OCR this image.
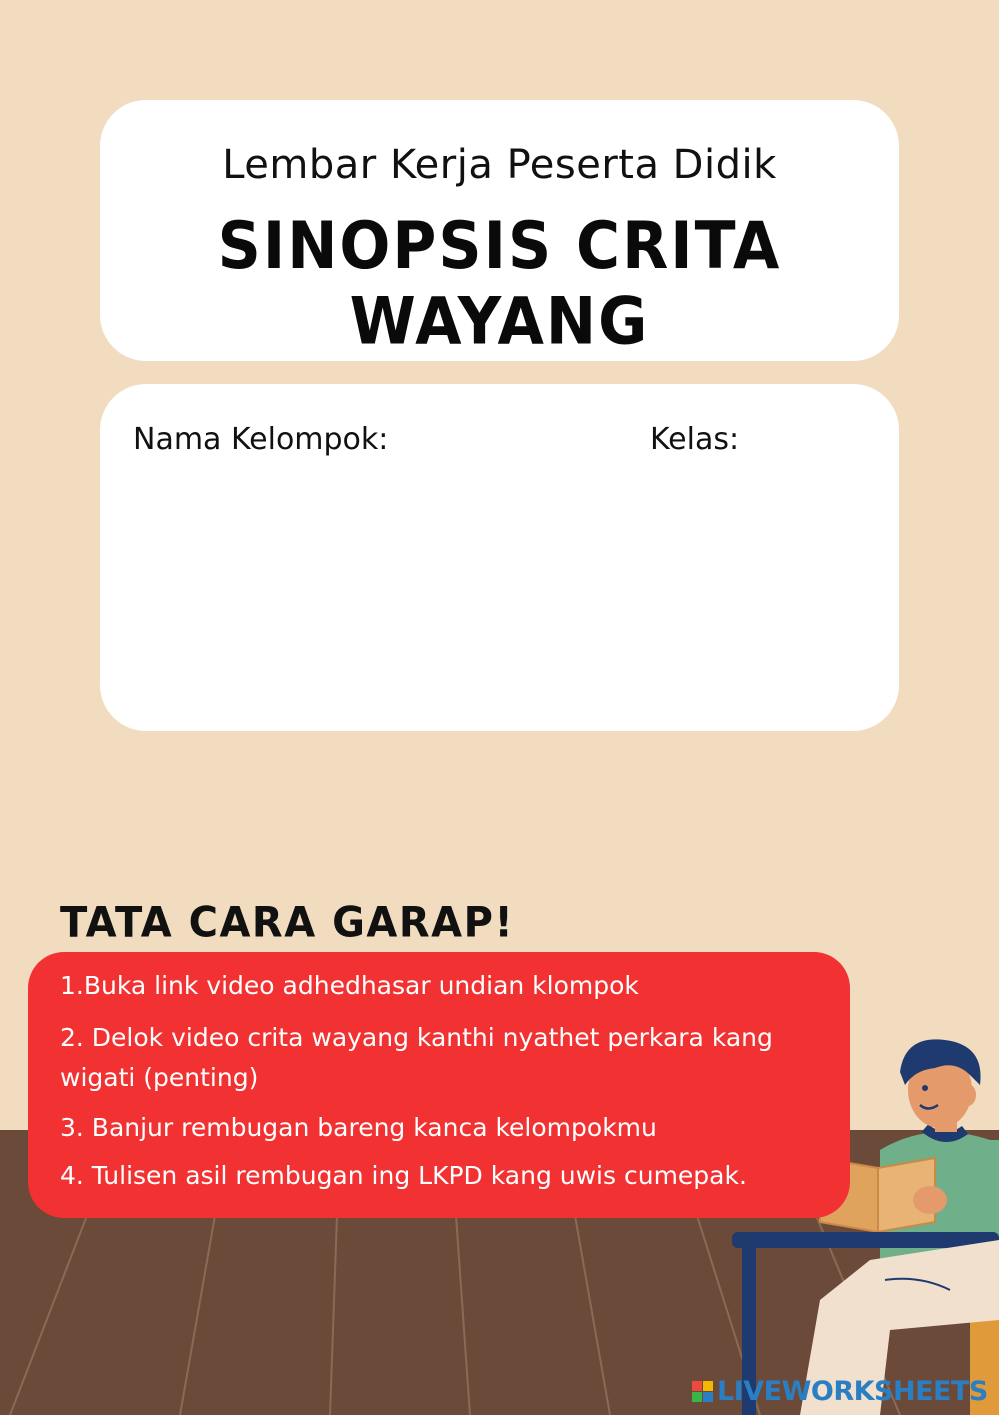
Lembar Kerja Peserta Didik
SINOPSIS CRITA WAYANG
Nama Kelompok:	Kelas:
TATA CARA GARAP!
1.Buka link video adhedhasar undian klompok
2. Delok video crita wayang kanthi nyathet perkara kang wigati (penting)
3. Banjur rembugan bareng kanca kelompokmu
4. Tulisen asil rembugan ing LKPD kang uwis cumepak.
LIVEWORKSHEETS
